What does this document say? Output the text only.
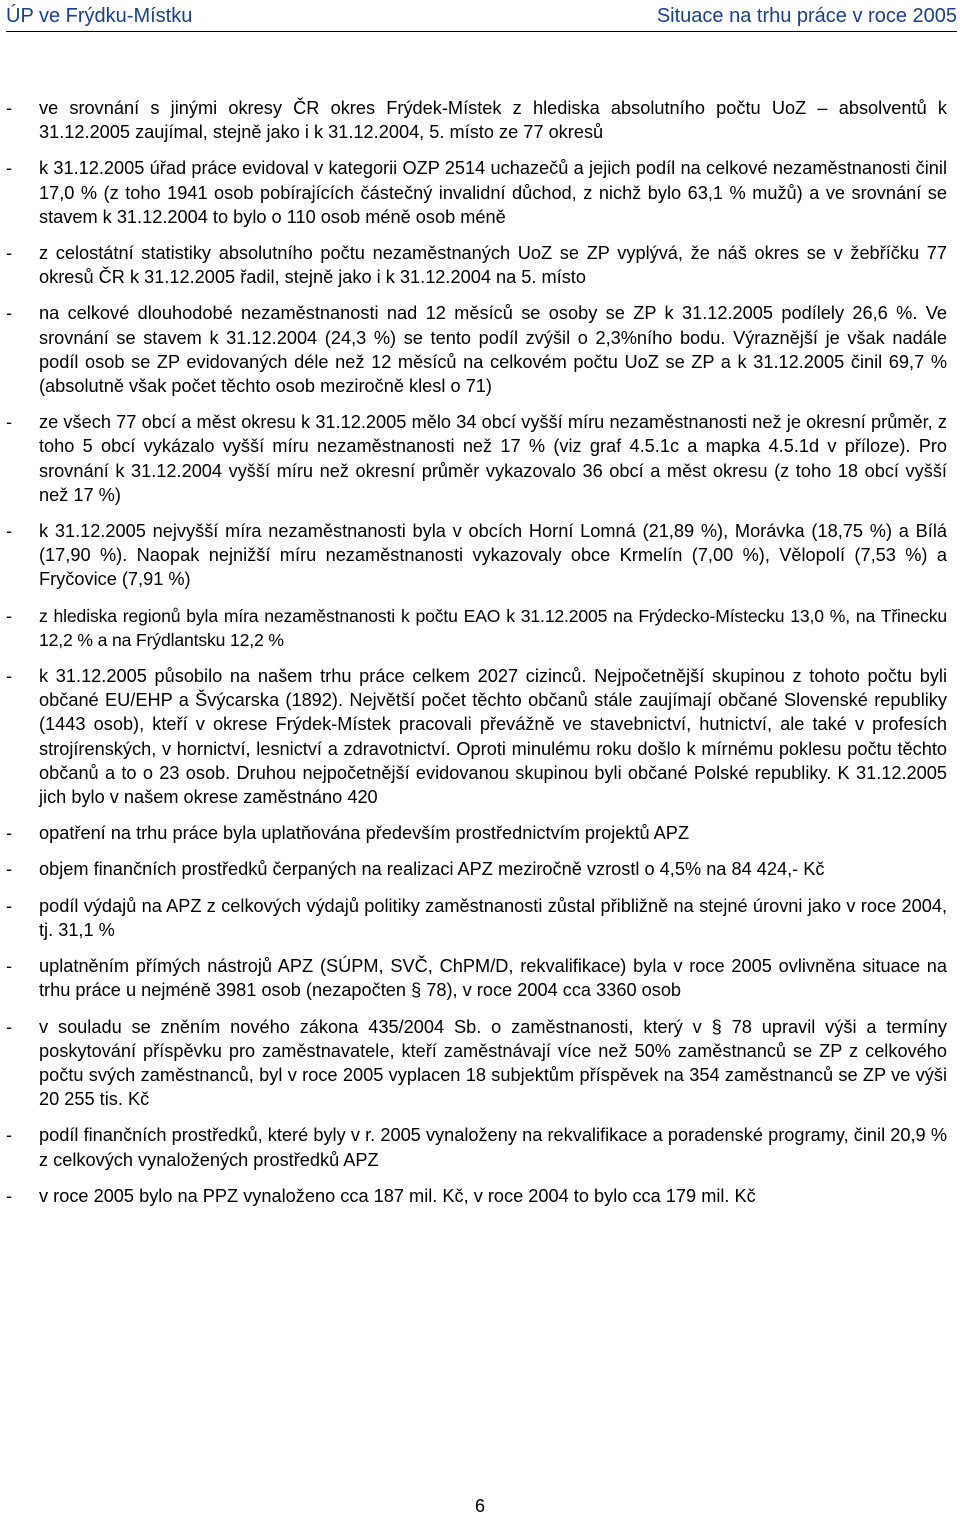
ÚP ve Frýdku-Místku	Situace na trhu práce v roce 2005
- ve srovnání s jinými okresy ČR okres Frýdek-Místek z hlediska absolutního počtu UoZ – absolventů k 31.12.2005 zaujímal, stejně jako i k 31.12.2004, 5. místo ze 77 okresů
- k 31.12.2005 úřad práce evidoval v kategorii OZP 2514 uchazečů a jejich podíl na celkové nezaměstnanosti činil 17,0 % (z toho 1941 osob pobírajících částečný invalidní důchod, z nichž bylo 63,1 % mužů) a ve srovnání se stavem k 31.12.2004 to bylo o 110 osob méně osob méně
- z celostátní statistiky absolutního počtu nezaměstnaných UoZ se ZP vyplývá, že náš okres se v žebříčku 77 okresů ČR k 31.12.2005 řadil, stejně jako i k 31.12.2004 na 5. místo
- na celkové dlouhodobé nezaměstnanosti nad 12 měsíců se osoby se ZP k 31.12.2005 podílely 26,6 %. Ve srovnání se stavem k 31.12.2004 (24,3 %) se tento podíl zvýšil o 2,3%ního bodu. Výraznější je však nadále podíl osob se ZP evidovaných déle než 12 měsíců na celkovém počtu UoZ se ZP a k 31.12.2005 činil 69,7 % (absolutně však počet těchto osob meziročně klesl o 71)
- ze všech 77 obcí a měst okresu k 31.12.2005 mělo 34 obcí vyšší míru nezaměstnanosti než je okresní průměr, z toho 5 obcí vykázalo vyšší míru nezaměstnanosti než 17 % (viz graf 4.5.1c a mapka 4.5.1d v příloze). Pro srovnání k 31.12.2004 vyšší míru než okresní průměr vykazovalo 36 obcí a měst okresu (z toho 18 obcí vyšší než 17 %)
- k 31.12.2005 nejvyšší míra nezaměstnanosti byla v obcích Horní Lomná (21,89 %), Morávka (18,75 %) a Bílá (17,90 %). Naopak nejnižší míru nezaměstnanosti vykazovaly obce Krmelín (7,00 %), Vělopolí (7,53 %) a Fryčovice (7,91 %)
- z hlediska regionů byla míra nezaměstnanosti k počtu EAO k 31.12.2005 na Frýdecko-Místecku 13,0 %, na Třinecku 12,2 % a na Frýdlantsku 12,2 %
- k 31.12.2005 působilo na našem trhu práce celkem 2027 cizinců. Nejpočetnější skupinou z tohoto počtu byli občané EU/EHP a Švýcarska (1892). Největší počet těchto občanů stále zaujímají občané Slovenské republiky (1443 osob), kteří v okrese Frýdek-Místek pracovali převážně ve stavebnictví, hutnictví, ale také v profesích strojírenských, v hornictví, lesnictví a zdravotnictví. Oproti minulému roku došlo k mírnému poklesu počtu těchto občanů a to o 23 osob. Druhou nejpočetnější evidovanou skupinou byli občané Polské republiky. K 31.12.2005 jich bylo v našem okrese zaměstnáno 420
- opatření na trhu práce byla uplatňována především prostřednictvím projektů APZ
- objem finančních prostředků čerpaných na realizaci APZ meziročně vzrostl o 4,5% na 84 424,- Kč
- podíl výdajů na APZ z celkových výdajů politiky zaměstnanosti zůstal přibližně na stejné úrovni jako v roce 2004, tj. 31,1 %
- uplatněním přímých nástrojů APZ (SÚPM, SVČ, ChPM/D, rekvalifikace) byla v roce 2005 ovlivněna situace na trhu práce u nejméně 3981 osob (nezapočten § 78), v roce 2004 cca 3360 osob
- v souladu se zněním nového zákona 435/2004 Sb. o zaměstnanosti, který v § 78 upravil výši a termíny poskytování příspěvku pro zaměstnavatele, kteří zaměstnávají více než 50% zaměstnanců se ZP z celkového počtu svých zaměstnanců, byl v roce 2005 vyplacen 18 subjektům příspěvek na 354 zaměstnanců se ZP ve výši 20 255 tis. Kč
- podíl finančních prostředků, které byly v r. 2005 vynaloženy na rekvalifikace a poradenské programy, činil 20,9 % z celkových vynaložených prostředků APZ
- v roce 2005 bylo na PPZ vynaloženo cca 187 mil. Kč, v roce 2004 to bylo cca 179 mil. Kč
6
